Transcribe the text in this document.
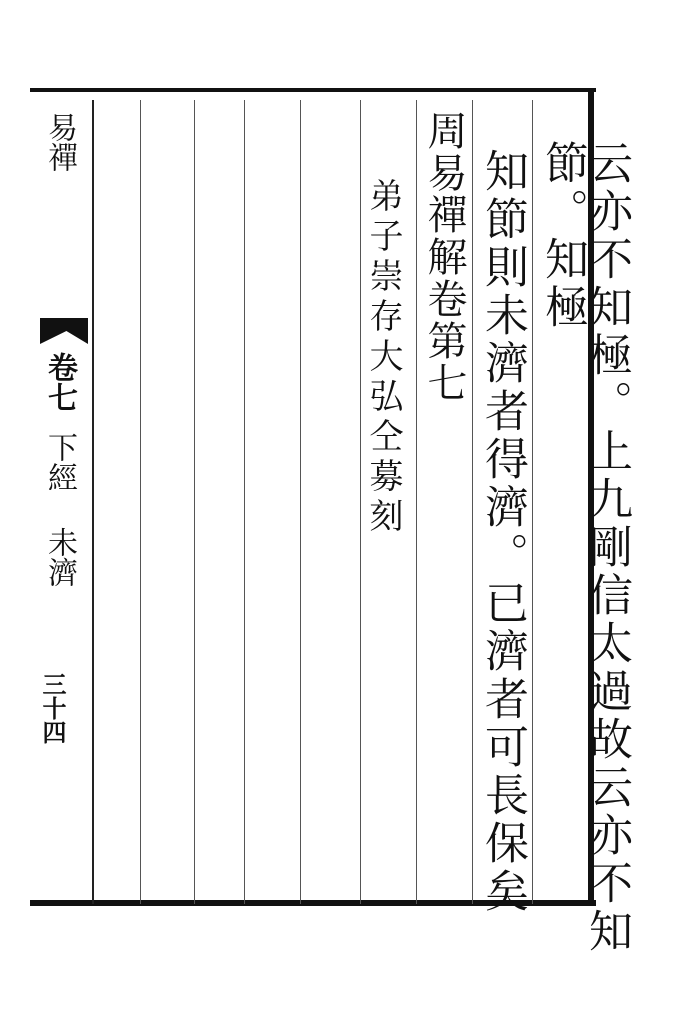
易禪
卷七
下經 未濟
三十四	云亦不知極。上九剛信太過故云亦不知節。知極
知節則未濟者得濟。已濟者可長保矣
周易禪解卷第七
弟子崇存大弘仝募刻
